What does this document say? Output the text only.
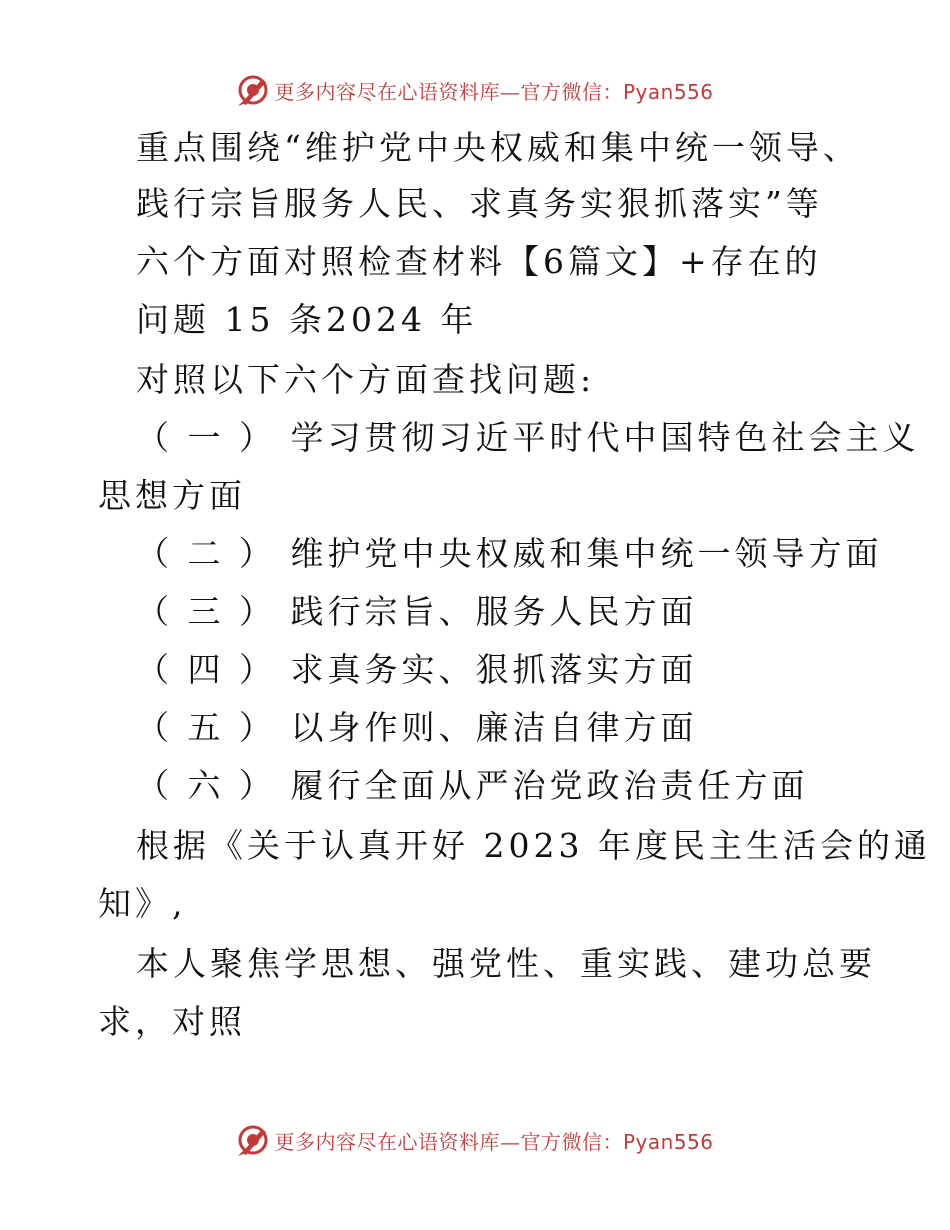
更多内容尽在心语资料库—官方微信：Pyan556
重点围绕“维护党中央权威和集中统一领导、
践行宗旨服务人民、求真务实狠抓落实”等
六个方面对照检查材料【6篇文】+存在的
问题 15 条2024 年
对照以下六个方面查找问题:
（ 一 ） 学习贯彻习近平时代中国特色社会主义
思想方面
（ 二 ） 维护党中央权威和集中统一领导方面
（ 三 ） 践行宗旨、服务人民方面
（ 四 ） 求真务实、狠抓落实方面
（ 五 ） 以身作则、廉洁自律方面
（ 六 ） 履行全面从严治党政治责任方面
根据《关于认真开好 2023 年度民主生活会的通
知》,
本人聚焦学思想、强党性、重实践、建功总要
求，对照
更多内容尽在心语资料库—官方微信：Pyan556
